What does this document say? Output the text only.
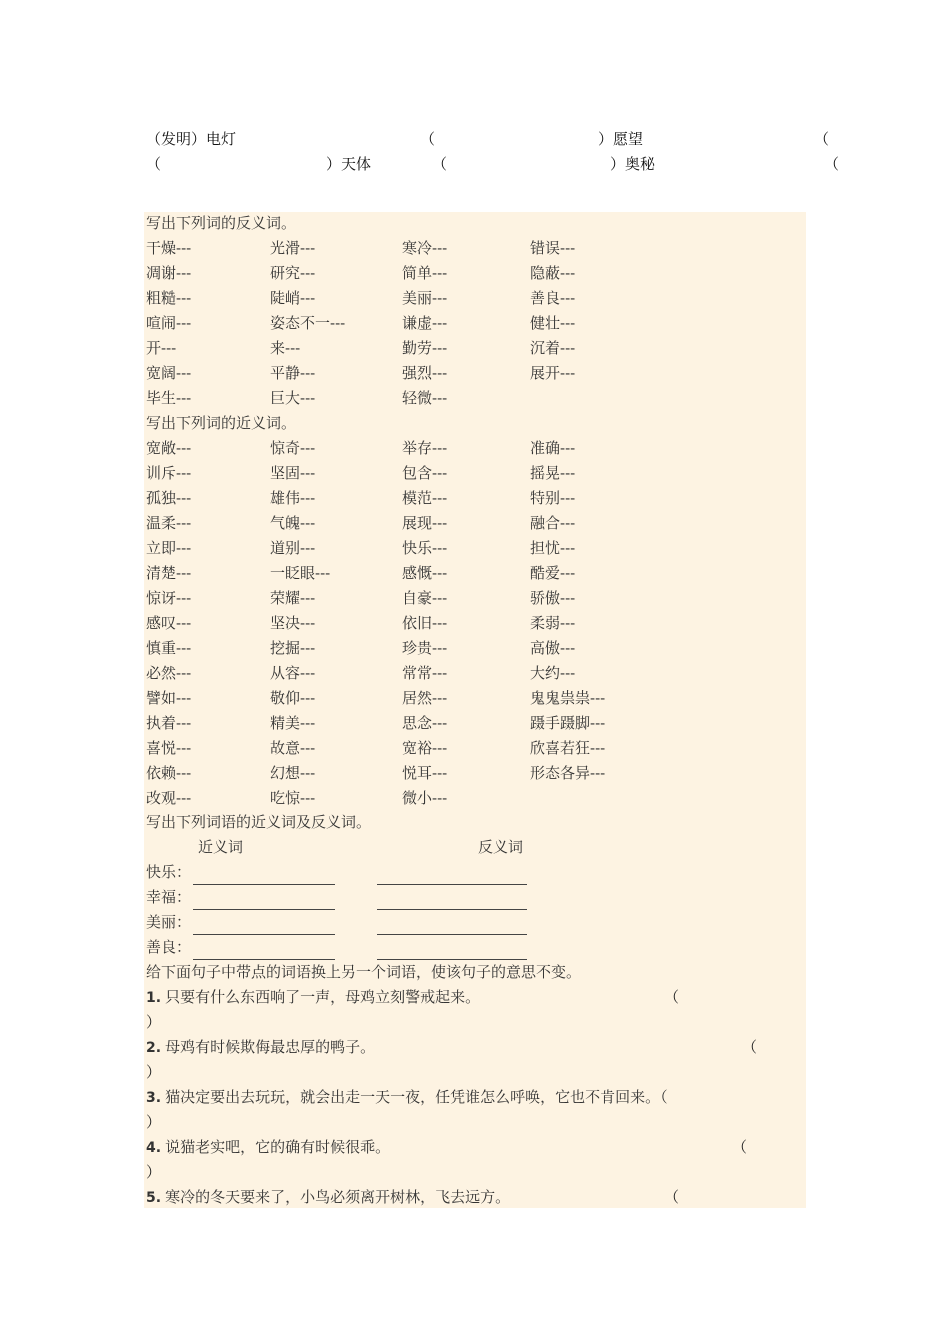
（发明）电灯	（	）愿望	（
（	）天体	（	）奥秘	（
写出下列词的反义词。
干燥---	光滑---	寒冷---	错误---
凋谢---	研究---	简单---	隐蔽---
粗糙---	陡峭---	美丽---	善良---
喧闹---	姿态不一---	谦虚---	健壮---
开---	来---	勤劳---	沉着---
宽阔---	平静---	强烈---	展开---
毕生---	巨大---	轻微---
写出下列词的近义词。
宽敞---	惊奇---	举存---	准确---
训斥---	坚固---	包含---	摇晃---
孤独---	雄伟---	模范---	特别---
温柔---	气魄---	展现---	融合---
立即---	道别---	快乐---	担忧---
清楚---	一眨眼---	感慨---	酷爱---
惊讶---	荣耀---	自豪---	骄傲---
感叹---	坚决---	依旧---	柔弱---
慎重---	挖掘---	珍贵---	高傲---
必然---	从容---	常常---	大约---
譬如---	敬仰---	居然---	鬼鬼祟祟---
执着---	精美---	思念---	蹑手蹑脚---
喜悦---	故意---	宽裕---	欣喜若狂---
依赖---	幻想---	悦耳---	形态各异---
改观---	吃惊---	微小---
写出下列词语的近义词及反义词。
近义词	反义词
快乐：
幸福：
美丽：
善良：
给下面句子中带点的词语换上另一个词语，使该句子的意思不变。
1. 只要有什么东西响了一声，母鸡立刻警戒起来。	（
）
2. 母鸡有时候欺侮最忠厚的鸭子。	（
）
3. 猫决定要出去玩玩，就会出走一天一夜，任凭谁怎么呼唤，它也不肯回来。（
）
4. 说猫老实吧，它的确有时候很乖。	（
）
5. 寒冷的冬天要来了，小鸟必须离开树林，飞去远方。	（
